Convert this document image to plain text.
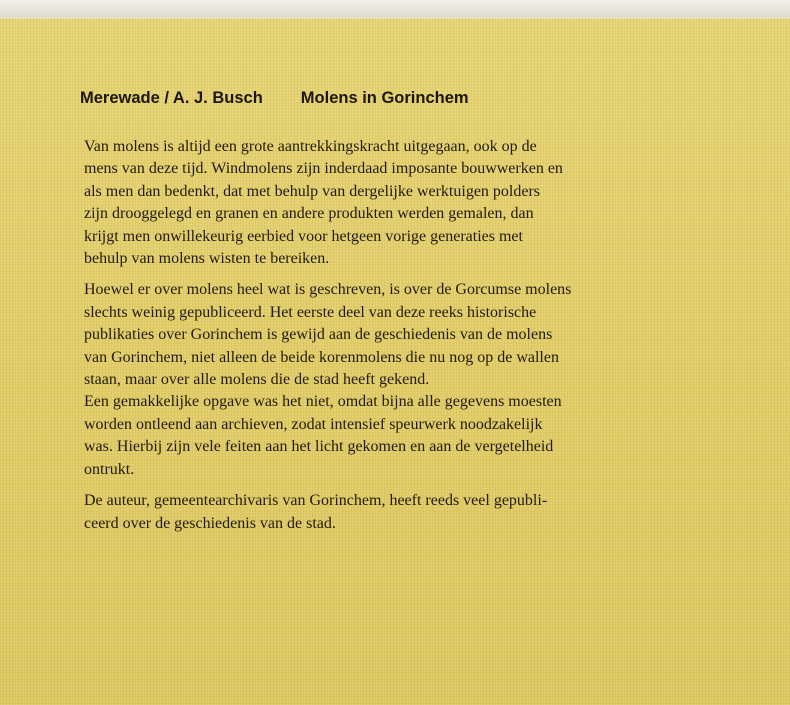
Merewade / A. J. Busch Molens in Gorinchem

Van molens is altijd een grote aantrekkingskracht uitgegaan, ook op de
mens van deze tijd. Windmolens zijn inderdaad imposante bouwwerken en
als men dan bedenkt, dat met behulp van dergelijke werktuigen polders
zijn drooggelegd en granen en andere produkten werden gemalen, dan
krijgt men onwillekeurig eerbied voor hetgeen vorige generaties met
behulp van molens wisten te bereiken.

Hoewel er over molens heel wat is geschreven, is over de Gorcumse molens
slechts weinig gepubliceerd. Het eerste deel van deze reeks historische
publikaties over Gorinchem is gewijd aan de geschiedenis van de molens
van Gorinchem, niet alleen de beide korenmolens die nu nog op de wallen
staan, maar over alle molens die de stad heeft gekend.
Een gemakkelijke opgave was het niet, omdat bijna alle gegevens moesten
worden ontleend aan archieven, zodat intensief speurwerk noodzakelijk
was. Hierbij zijn vele feiten aan het licht gekomen en aan de vergetelheid
ontrukt.

De auteur, gemeentearchivaris van Gorinchem, heeft reeds veel gepubli-
ceerd over de geschiedenis van de stad.
